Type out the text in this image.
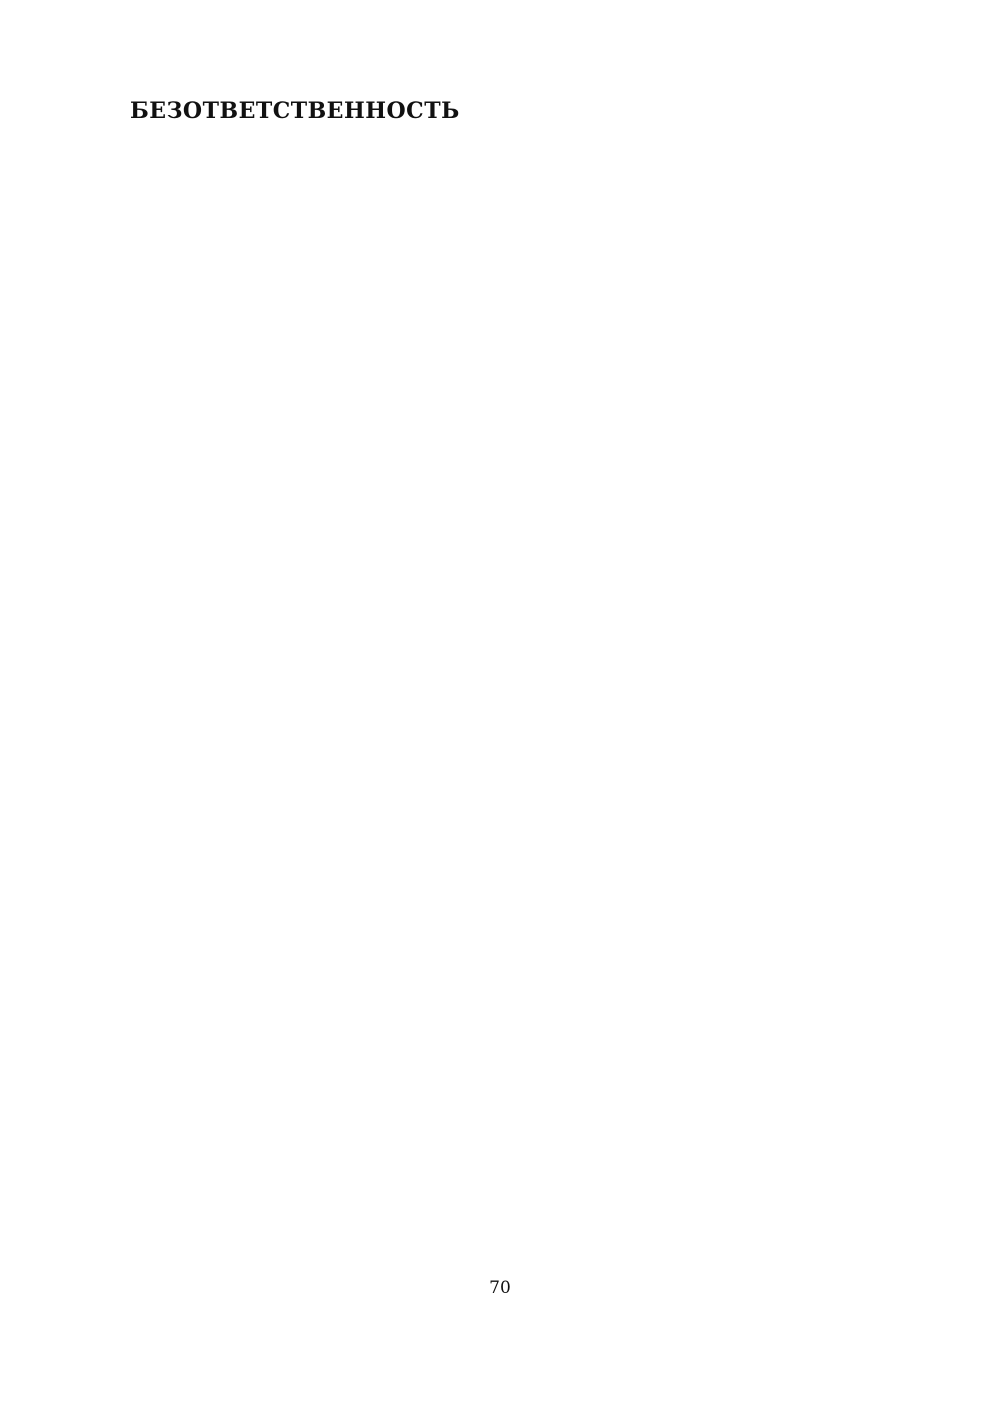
БЕЗОТВЕТСТВЕННОСТЬ
70
